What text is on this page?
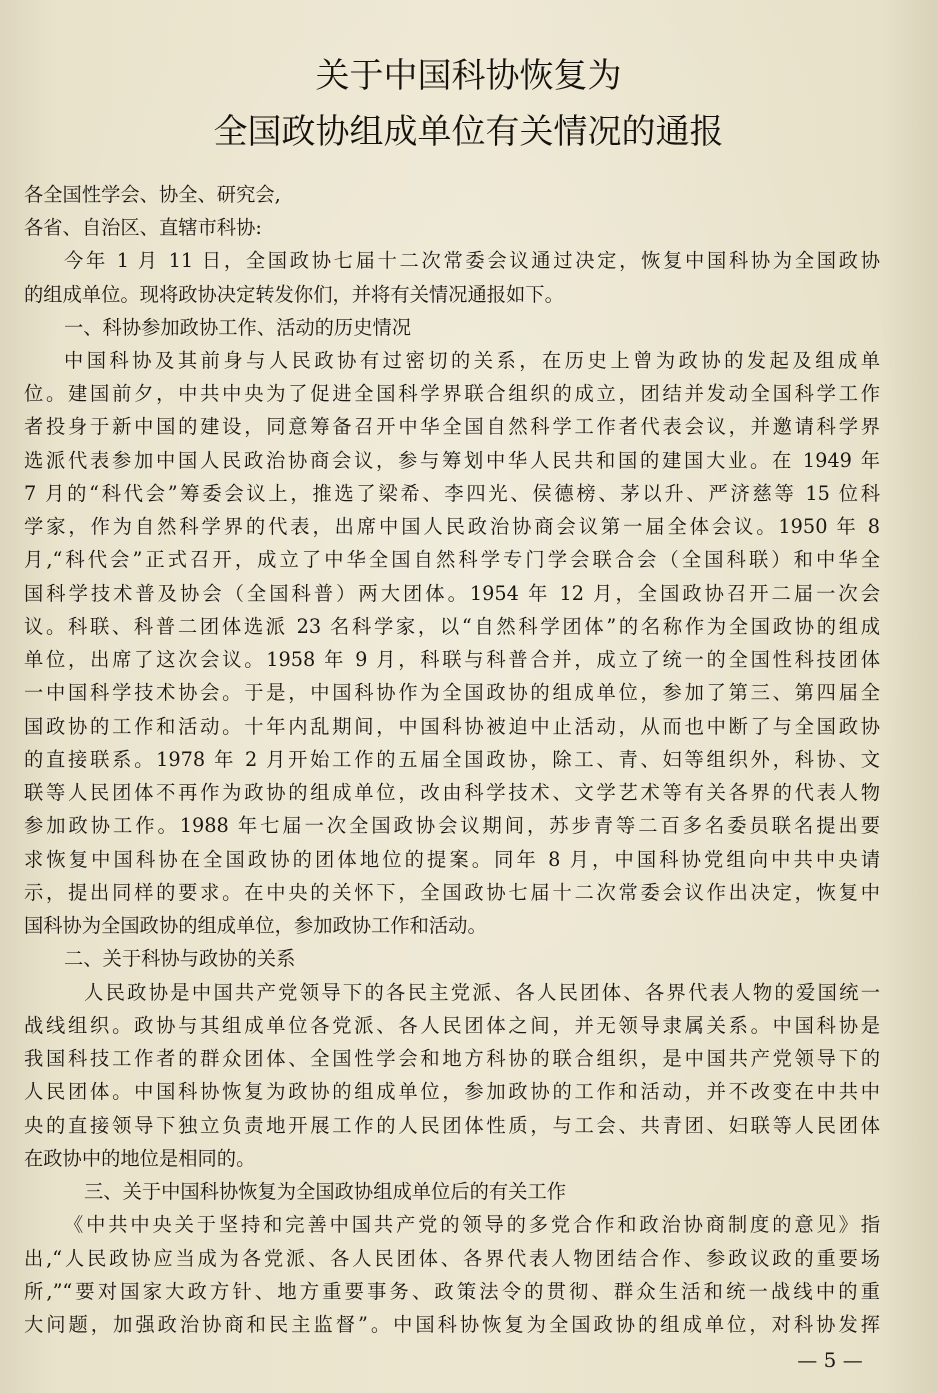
关于中国科协恢复为
全国政协组成单位有关情况的通报
各全国性学会、协全、研究会,
各省、自治区、直辖市科协:
今年 1 月 11 日，全国政协七届十二次常委会议通过决定，恢复中国科协为全国政协
的组成单位。现将政协决定转发你们，并将有关情况通报如下。
一、科协参加政协工作、活动的历史情况
中国科协及其前身与人民政协有过密切的关系，在历史上曾为政协的发起及组成单
位。建国前夕，中共中央为了促进全国科学界联合组织的成立，团结并发动全国科学工作
者投身于新中国的建设，同意筹备召开中华全国自然科学工作者代表会议，并邀请科学界
选派代表参加中国人民政治协商会议，参与筹划中华人民共和国的建国大业。在 1949 年
7 月的“科代会”筹委会议上，推选了梁希、李四光、侯德榜、茅以升、严济慈等 15 位科
学家，作为自然科学界的代表，出席中国人民政治协商会议第一届全体会议。1950 年 8
月,“科代会”正式召开，成立了中华全国自然科学专门学会联合会（全国科联）和中华全
国科学技术普及协会（全国科普）两大团体。1954 年 12 月，全国政协召开二届一次会
议。科联、科普二团体选派 23 名科学家，以“自然科学团体”的名称作为全国政协的组成
单位，出席了这次会议。1958 年 9 月，科联与科普合并，成立了统一的全国性科技团体
一中国科学技术协会。于是，中国科协作为全国政协的组成单位，参加了第三、第四届全
国政协的工作和活动。十年内乱期间，中国科协被迫中止活动，从而也中断了与全国政协
的直接联系。1978 年 2 月开始工作的五届全国政协，除工、青、妇等组织外，科协、文
联等人民团体不再作为政协的组成单位，改由科学技术、文学艺术等有关各界的代表人物
参加政协工作。1988 年七届一次全国政协会议期间，苏步青等二百多名委员联名提出要
求恢复中国科协在全国政协的团体地位的提案。同年 8 月，中国科协党组向中共中央请
示，提出同样的要求。在中央的关怀下，全国政协七届十二次常委会议作出决定，恢复中
国科协为全国政协的组成单位，参加政协工作和活动。
二、关于科协与政协的关系
人民政协是中国共产党领导下的各民主党派、各人民团体、各界代表人物的爱国统一
战线组织。政协与其组成单位各党派、各人民团体之间，并无领导隶属关系。中国科协是
我国科技工作者的群众团体、全国性学会和地方科协的联合组织，是中国共产党领导下的
人民团体。中国科协恢复为政协的组成单位，参加政协的工作和活动，并不改变在中共中
央的直接领导下独立负责地开展工作的人民团体性质，与工会、共青团、妇联等人民团体
在政协中的地位是相同的。
三、关于中国科协恢复为全国政协组成单位后的有关工作
《中共中央关于坚持和完善中国共产党的领导的多党合作和政治协商制度的意见》指
出,“人民政协应当成为各党派、各人民团体、各界代表人物团结合作、参政议政的重要场
所,”“要对国家大政方针、地方重要事务、政策法令的贯彻、群众生活和统一战线中的重
大问题，加强政治协商和民主监督”。中国科协恢复为全国政协的组成单位，对科协发挥
— 5 —
